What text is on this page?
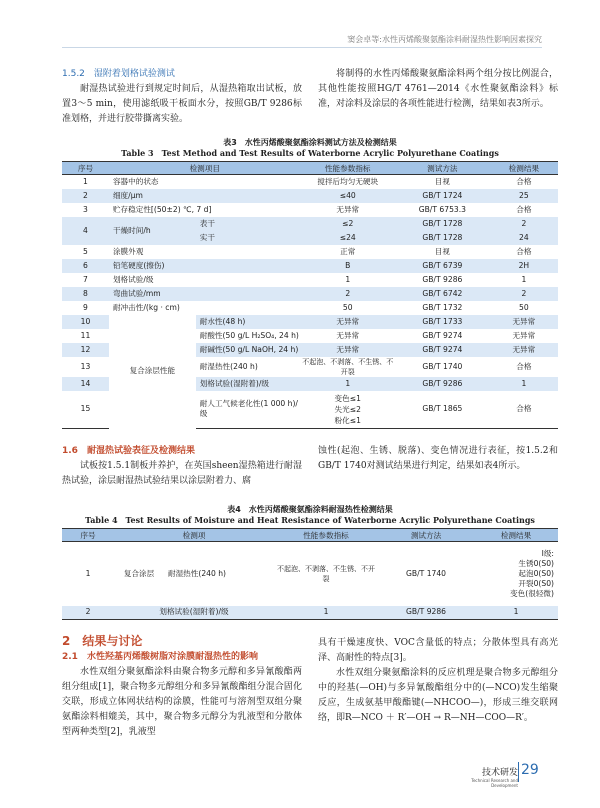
窦会卓等:水性丙烯酸聚氨酯涂料耐湿热性影响因素探究
1.5.2　湿附着划格试验测试
耐湿热试验进行到规定时间后，从湿热箱取出试板，放置3～5 min，使用滤纸吸干板面水分，按照GB/T 9286标准划格，并进行胶带撕离实验。
将制得的水性丙烯酸聚氨酯涂料两个组分按比例混合，其他性能按照HG/T 4761—2014《水性聚氨酯涂料》标准，对涂料及涂层的各项性能进行检测，结果如表3所示。
表3　水性丙烯酸聚氨酯涂料测试方法及检测结果
Table 3　Test Method and Test Results of Waterborne Acrylic Polyurethane Coatings
序号	检测项目		性能参数指标	测试方法	检测结果
1	容器中的状态		搅拌后均匀无硬块	目视	合格
2	细度/μm		≤40	GB/T 1724	25
3	贮存稳定性[(50±2) ℃, 7 d]		无异常	GB/T 6753.3	合格
4	干燥时间/h	表干	≤2	GB/T 1728	2
		实干	≤24	GB/T 1728	24
5	涂膜外观		正常	目视	合格
6	铅笔硬度(擦伤)		B	GB/T 6739	2H
7	划格试验/级		1	GB/T 9286	1
8	弯曲试验/mm		2	GB/T 6742	2
9	耐冲击性/(kg · cm)		50	GB/T 1732	50
10	复合涂层性能	耐水性(48 h)	无异常	GB/T 1733	无异常
11		耐酸性(50 g/L H₂SO₄, 24 h)	无异常	GB/T 9274	无异常
12		耐碱性(50 g/L NaOH, 24 h)	无异常	GB/T 9274	无异常
13		耐湿热性(240 h)	不起泡、不剥落、不生锈、不开裂	GB/T 1740	合格
14		划格试验(湿附着)/级	1	GB/T 9286	1
15		耐人工气候老化性(1 000 h)/级	变色≤1
失光≤2
粉化≤1	GB/T 1865	合格
1.6　耐湿热试验表征及检测结果
试板按1.5.1制板并养护，在英国sheen湿热箱进行耐湿热试验，涂层耐湿热试验结果以涂层附着力、腐
蚀性(起泡、生锈、脱落)、变色情况进行表征，按1.5.2和GB/T 1740对测试结果进行判定，结果如表4所示。
表4　水性丙烯酸聚氨酯涂料耐湿热性检测结果
Table 4　Test Results of Moisture and Heat Resistance of Waterborne Acrylic Polyurethane Coatings
序号	检测项		性能参数指标	测试方法	检测结果
1	复合涂层	耐湿热性(240 h)	不起泡、不剥落、不生锈、不开裂	GB/T 1740	I级:
生锈0(S0)
起泡0(S0)
开裂0(S0)
变色(很轻微)

2	划格试验(湿附着)/级		1	GB/T 9286	1
2　结果与讨论
2.1　水性羟基丙烯酸树脂对涂膜耐湿热性的影响
水性双组分聚氨酯涂料由聚合物多元醇和多异氰酸酯两组分组成[1]，聚合物多元醇组分和多异氰酸酯组分混合固化交联，形成立体网状结构的涂膜，性能可与溶剂型双组分聚氨酯涂料相媲美，其中，聚合物多元醇分为乳液型和分散体型两种类型[2]，乳液型
具有干燥速度快、VOC含量低的特点；分散体型具有高光泽、高耐性的特点[3]。
水性双组分聚氨酯涂料的反应机理是聚合物多元醇组分中的羟基(—OH)与多异氰酸酯组分中的(—NCO)发生缩聚反应，生成氨基甲酸酯键(—NHCOO—)，形成三维交联网络，即R—NCO ＋ R′—OH → R—NH—COO—R′。
技术研发
Technical Research and Development
29
